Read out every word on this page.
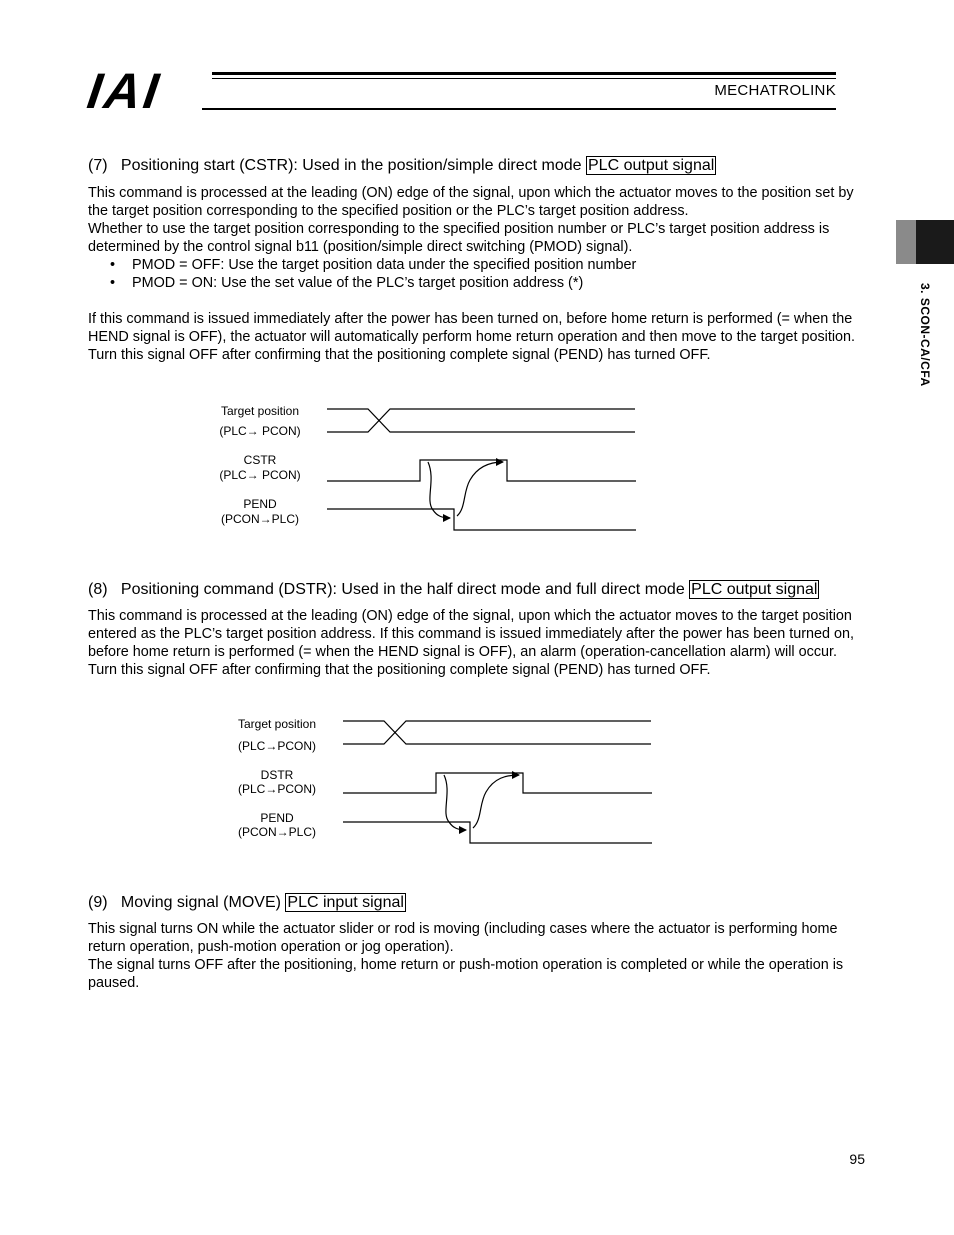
IAI	MECHATROLINK
3. SCON-CA/CFA
(7) Positioning start (CSTR): Used in the position/simple direct mode PLC output signal

This command is processed at the leading (ON) edge of the signal, upon which the actuator moves to the position set by the target position corresponding to the specified position or the PLC’s target position address.

Whether to use the target position corresponding to the specified position number or PLC’s target position address is determined by the control signal b11 (position/simple direct switching (PMOD) signal).

• PMOD = OFF: Use the target position data under the specified position number
• PMOD = ON: Use the set value of the PLC’s target position address (*)

If this command is issued immediately after the power has been turned on, before home return is performed (= when the HEND signal is OFF), the actuator will automatically perform home return operation and then move to the target position.

Turn this signal OFF after confirming that the positioning complete signal (PEND) has turned OFF.

Target position
(PLC→ PCON)
CSTR
(PLC→ PCON)
PEND
(PCON→PLC)
(8) Positioning command (DSTR): Used in the half direct mode and full direct mode PLC output signal

This command is processed at the leading (ON) edge of the signal, upon which the actuator moves to the target position entered as the PLC’s target position address. If this command is issued immediately after the power has been turned on, before home return is performed (= when the HEND signal is OFF), an alarm (operation-cancellation alarm) will occur.

Turn this signal OFF after confirming that the positioning complete signal (PEND) has turned OFF.

Target position
(PLC→PCON)
DSTR
(PLC→PCON)
PEND
(PCON→PLC)
(9) Moving signal (MOVE) PLC input signal

This signal turns ON while the actuator slider or rod is moving (including cases where the actuator is performing home return operation, push-motion operation or jog operation).

The signal turns OFF after the positioning, home return or push-motion operation is completed or while the operation is paused.

95
